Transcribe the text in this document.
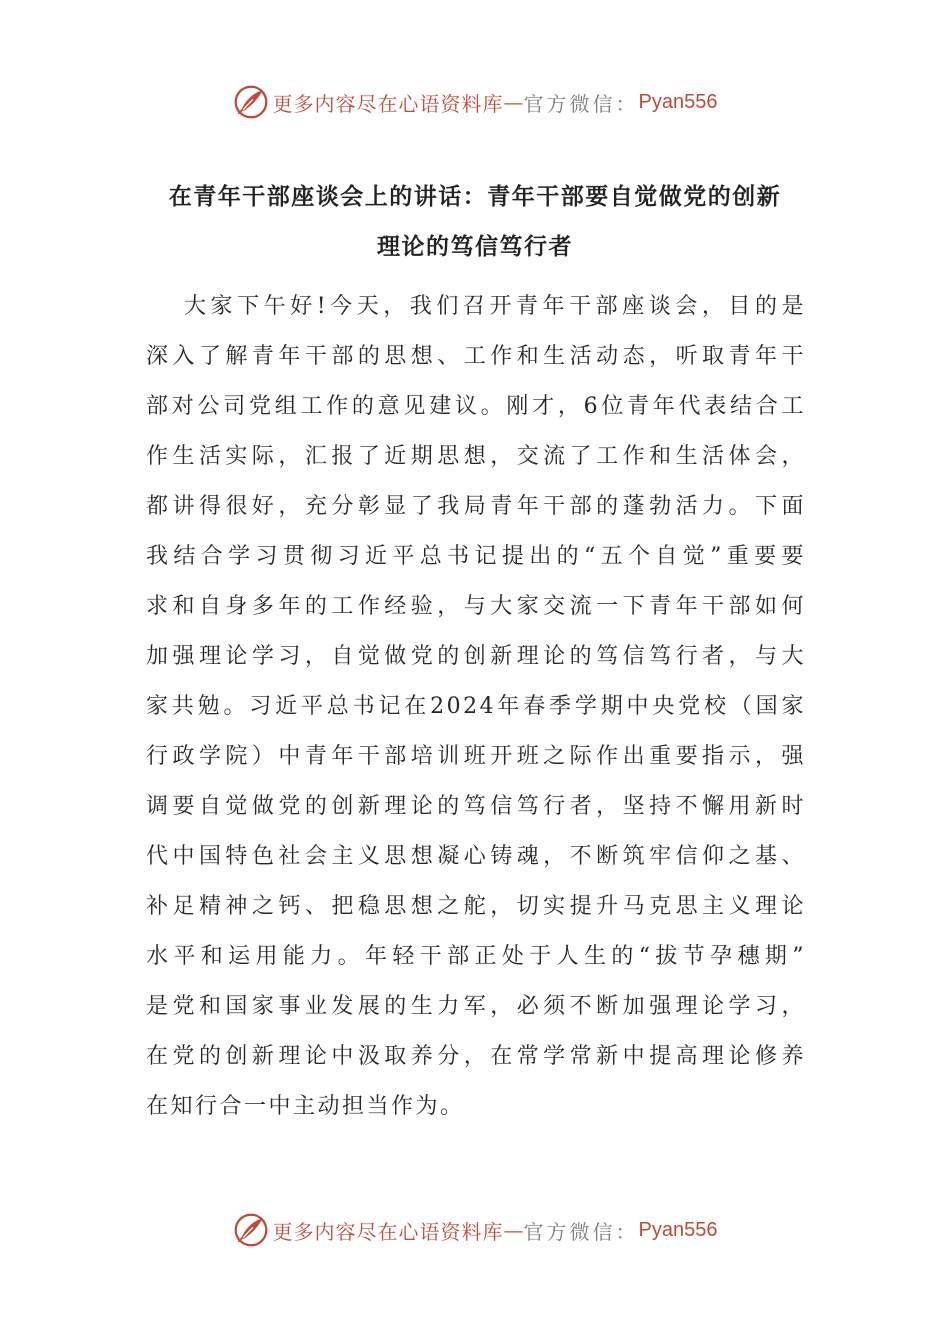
更多内容尽在心语资料库 — 官方微信： Pyan556
在青年干部座谈会上的讲话：青年干部要自觉做党的创新
理论的笃信笃行者
大家下午好!今天，我们召开青年干部座谈会，目的是
深入了解青年干部的思想、工作和生活动态，听取青年干
部对公司党组工作的意见建议。刚才，6位青年代表结合工
作生活实际，汇报了近期思想，交流了工作和生活体会，
都讲得很好，充分彰显了我局青年干部的蓬勃活力。下面
我结合学习贯彻习近平总书记提出的“五个自觉”重要要
求和自身多年的工作经验，与大家交流一下青年干部如何
加强理论学习，自觉做党的创新理论的笃信笃行者，与大
家共勉。习近平总书记在2024年春季学期中央党校（国家
行政学院）中青年干部培训班开班之际作出重要指示，强
调要自觉做党的创新理论的笃信笃行者，坚持不懈用新时
代中国特色社会主义思想凝心铸魂，不断筑牢信仰之基、
补足精神之钙、把稳思想之舵，切实提升马克思主义理论
水平和运用能力。年轻干部正处于人生的“拔节孕穗期”
是党和国家事业发展的生力军，必须不断加强理论学习，
在党的创新理论中汲取养分，在常学常新中提高理论修养
在知行合一中主动担当作为。
更多内容尽在心语资料库 — 官方微信： Pyan556
